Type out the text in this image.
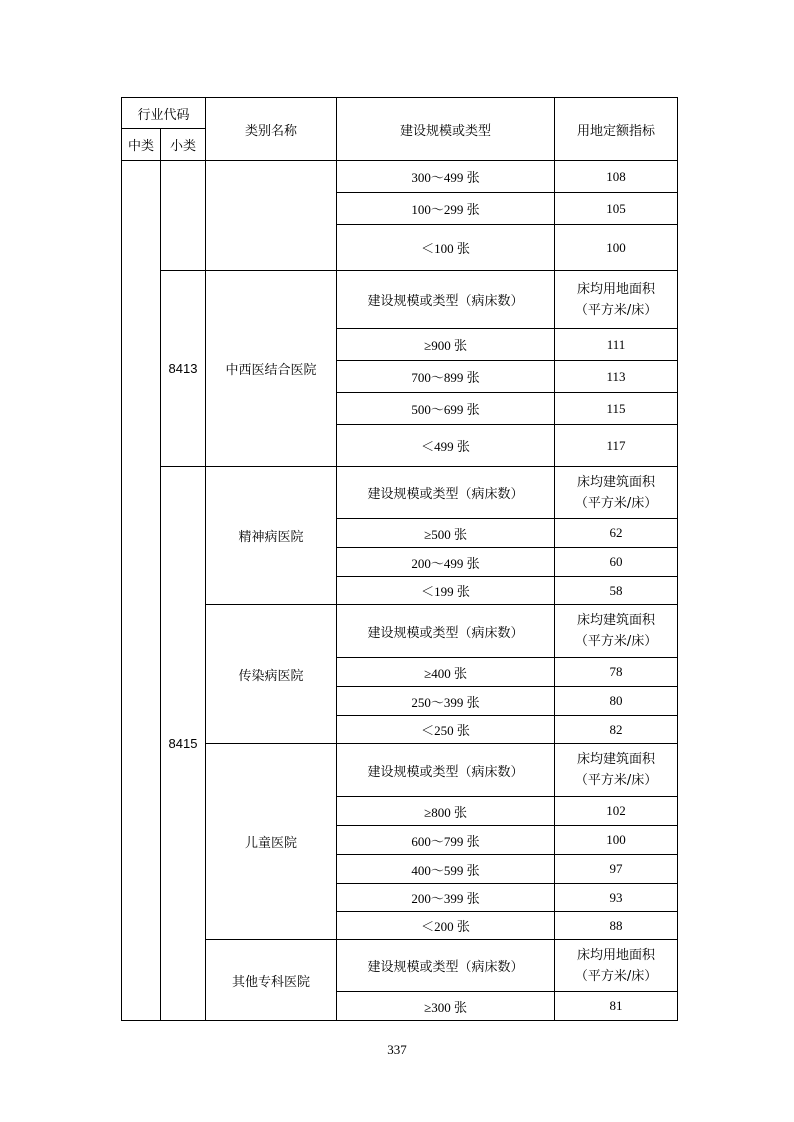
行业代码		类别名称	建设规模或类型	用地定额指标
中类	小类			
			300～499 张	108
			100～299 张	105
			＜100 张	100
	8413	中西医结合医院	建设规模或类型（病床数）	床均用地面积
（平方米/床）

			≥900 张	111
			700～899 张	113
			500～699 张	115
			＜499 张	117
	8415	精神病医院	建设规模或类型（病床数）	床均建筑面积
（平方米/床）

			≥500 张	62
			200～499 张	60
			＜199 张	58
		传染病医院	建设规模或类型（病床数）	床均建筑面积
（平方米/床）

			≥400 张	78
			250～399 张	80
			＜250 张	82
		儿童医院	建设规模或类型（病床数）	床均建筑面积
（平方米/床）

			≥800 张	102
			600～799 张	100
			400～599 张	97
			200～399 张	93
			＜200 张	88
		其他专科医院	建设规模或类型（病床数）	床均用地面积
（平方米/床）

			≥300 张	81
337
